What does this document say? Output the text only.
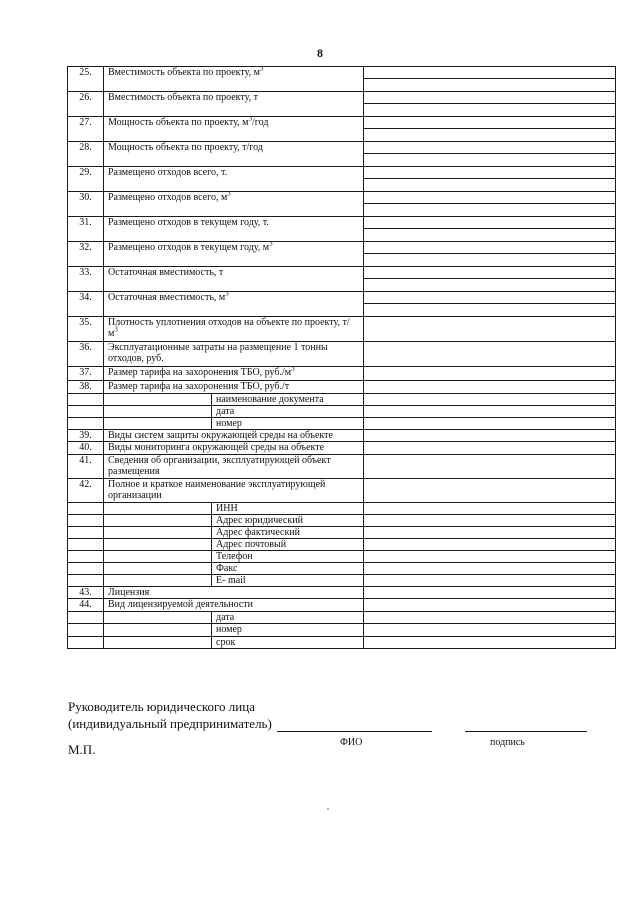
8
25.	Вместимость объекта по проекту, $м^3$	

26.	Вместимость объекта по проекту, т		

27.	Мощность объекта по проекту, $м^3$/год		

28.	Мощность объекта по проекту, т/год		

29.	Размещено отходов всего, т.		

30.	Размещено отходов всего, $м^3$	

31.	Размещено отходов в текущем году, т.		

32.	Размещено отходов в текущем году, $м^3$	

33.	Остаточная вместимость, т		

34.	Остаточная вместимость, $м^3$	

35.	Плотность уплотнения отходов на объекте по проекту, $т/м^3$	
36.	Эксплуатационные затраты на размещение 1 тонны отходов, руб.		
37.	Размер тарифа на захоронения ТБО, $руб./м^3$	
38.	Размер тарифа на захоронения ТБО, руб./т		
		наименование документа	
		дата	
		номер	
39.	Виды систем защиты окружающей среды на объекте		
40.	Виды мониторинга окружающей среды на объекте		
41.	Сведения об организации, эксплуатирующей объект размещения		
42.	Полное и краткое наименование эксплуатирующей организации		
		ИНН	
		Адрес юридический	
		Адрес фактический	
		Адрес почтовый	
		Телефон	
		Факс	
		E- mail	
43.	Лицензия		
44.	Вид лицензируемой деятельности		
		дата	
		номер	
		срок	
Руководитель юридического лица
(индивидуальный предприниматель)
ФИО	подпись
М.П.
